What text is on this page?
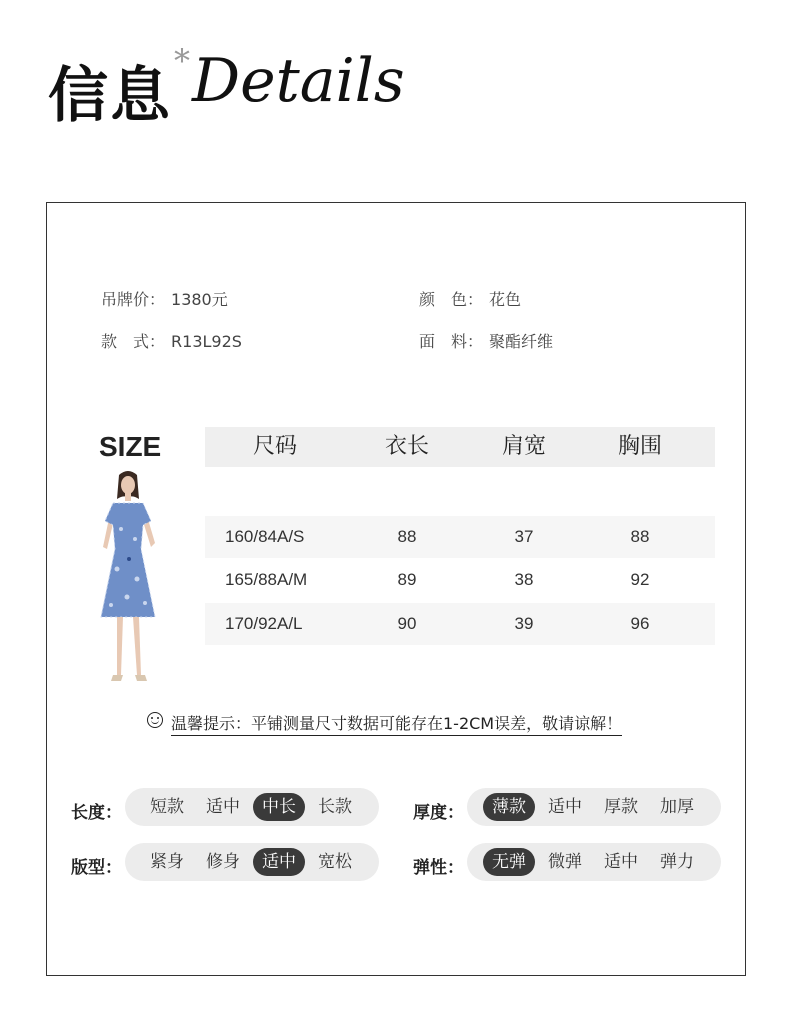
信息 * Details
吊牌价： 1380元	颜　色： 花色
款　式： R13L92S	面　料： 聚酯纤维
SIZE	尺码	衣长	肩宽	胸围
160/84A/S	88	37	88
165/88A/M	89	38	92
170/92A/L	90	39	96
温馨提示：平铺测量尺寸数据可能存在1-2CM误差，敬请谅解！
长度：	短款	适中	中长	长款	厚度：	薄款	适中	厚款	加厚
版型：	紧身	修身	适中	宽松	弹性：	无弹	微弹	适中	弹力
